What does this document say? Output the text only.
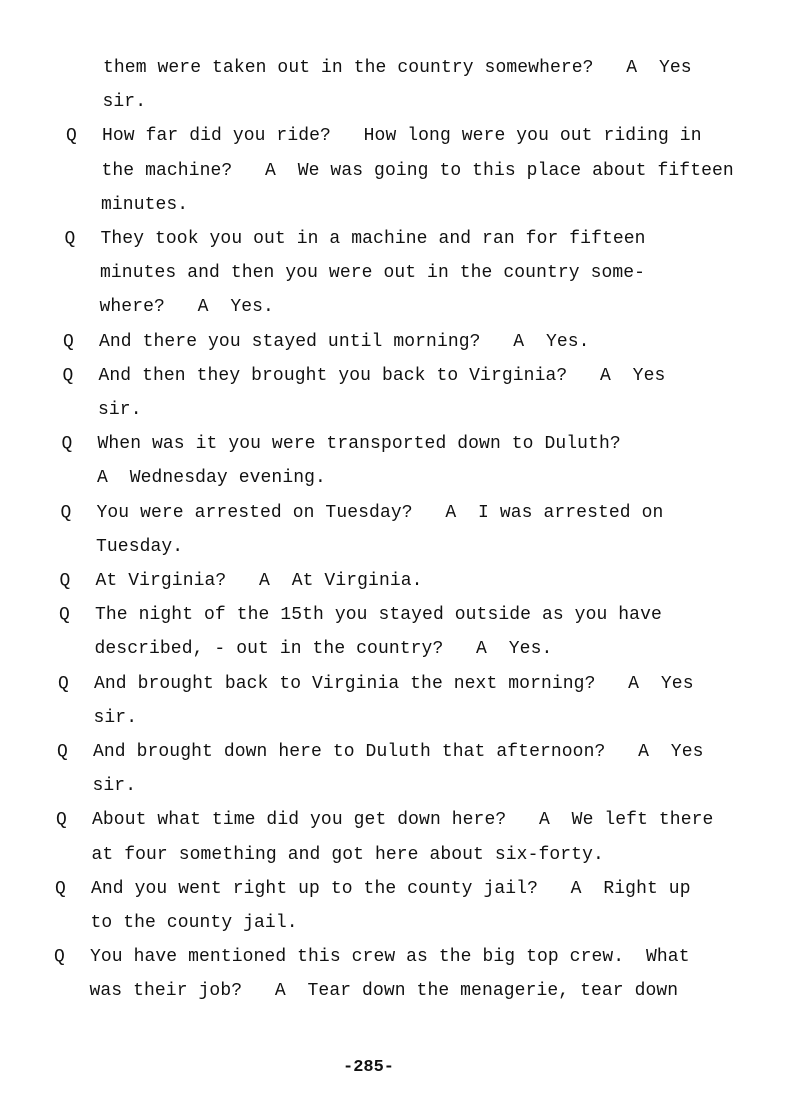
them were taken out in the country somewhere?   A  Yes
sir.
Q How far did you ride?   How long were you out riding in
the machine?   A  We was going to this place about fifteen
minutes.
Q They took you out in a machine and ran for fifteen
minutes and then you were out in the country some-
where?   A  Yes.
Q And there you stayed until morning?   A  Yes.
Q And then they brought you back to Virginia?   A  Yes
sir.
Q When was it you were transported down to Duluth?
A  Wednesday evening.
Q You were arrested on Tuesday?   A  I was arrested on
Tuesday.
Q At Virginia?   A  At Virginia.
Q The night of the 15th you stayed outside as you have
described, - out in the country?   A  Yes.
Q And brought back to Virginia the next morning?   A  Yes
sir.
Q And brought down here to Duluth that afternoon?   A  Yes
sir.
Q About what time did you get down here?   A  We left there
at four something and got here about six-forty.
Q And you went right up to the county jail?   A  Right up
to the county jail.
Q You have mentioned this crew as the big top crew.  What
was their job?   A  Tear down the menagerie, tear down
-285-
